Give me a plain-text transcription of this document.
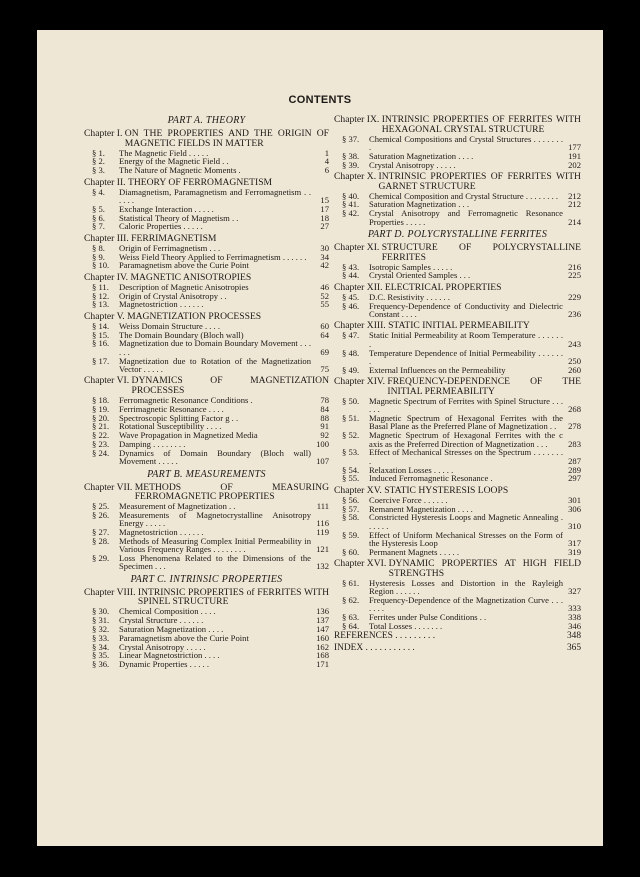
CONTENTS
PART A. THEORY
Chapter I. ON THE PROPERTIES AND THE ORIGIN OF MAGNETIC FIELDS IN MATTER
§ 1.	The Magnetic Field . . . . .	1
§ 2.	Energy of the Magnetic Field . .	4
§ 3.	The Nature of Magnetic Moments .	6
Chapter II. THEORY OF FERROMAGNETISM
§ 4.	Diamagnetism, Paramagnetism and Ferromagnetism . . . . . .	15
§ 5.	Exchange Interaction . . . . .	17
§ 6.	Statistical Theory of Magnetism . .	18
§ 7.	Caloric Properties . . . . .	27
Chapter III. FERRIMAGNETISM
§ 8.	Origin of Ferrimagnetism . . .	30
§ 9.	Weiss Field Theory Applied to Ferrimagnetism . . . . . .	34
§ 10.	Paramagnetism above the Curie Point	42
Chapter IV. MAGNETIC ANISOTROPIES
§ 11.	Description of Magnetic Anisotropies	46
§ 12.	Origin of Crystal Anisotropy . .	52
§ 13.	Magnetostriction . . . . . .	55
Chapter V. MAGNETIZATION PROCESSES
§ 14.	Weiss Domain Structure . . . .	60
§ 15.	The Domain Boundary (Bloch wall)	64
§ 16.	Magnetization due to Domain Boundary Movement . . . . . .	69
§ 17.	Magnetization due to Rotation of the Magnetization Vector . . . . .	75
Chapter VI. DYNAMICS OF MAGNETIZATION PROCESSES
§ 18.	Ferromagnetic Resonance Conditions .	78
§ 19.	Ferrimagnetic Resonance . . . .	84
§ 20.	Spectroscopic Splitting Factor g . .	88
§ 21.	Rotational Susceptibility . . . .	91
§ 22.	Wave Propagation in Magnetized Media	92
§ 23.	Damping . . . . . . . .	100
§ 24.	Dynamics of Domain Boundary (Bloch wall) Movement . . . . .	107
PART B. MEASUREMENTS
Chapter VII. METHODS OF MEASURING FERROMAGNETIC PROPERTIES
§ 25.	Measurement of Magnetization . .	111
§ 26.	Measurements of Magnetocrystalline Anisotropy Energy . . . . .	116
§ 27.	Magnetostriction . . . . . .	119
§ 28.	Methods of Measuring Complex Initial Permeability in Various Frequency Ranges . . . . . . . .	121
§ 29.	Loss Phenomena Related to the Dimensions of the Specimen . . .	132
PART C. INTRINSIC PROPERTIES
Chapter VIII. INTRINSIC PROPERTIES of FERRITES WITH SPINEL STRUCTURE
§ 30.	Chemical Composition . . . .	136
§ 31.	Crystal Structure . . . . . .	137
§ 32.	Saturation Magnetization . . . .	147
§ 33.	Paramagnetism above the Curie Point	160
§ 34.	Crystal Anisotropy . . . . .	162
§ 35.	Linear Magnetostriction . . . .	168
§ 36.	Dynamic Properties . . . . .	171
Chapter IX. INTRINSIC PROPERTIES OF FERRITES WITH HEXAGONAL CRYSTAL STRUCTURE
§ 37.	Chemical Compositions and Crystal Structures . . . . . . . .	177
§ 38.	Saturation Magnetization . . . .	191
§ 39.	Crystal Anisotropy . . . . .	202
Chapter X. INTRINSIC PROPERTIES OF FERRITES WITH GARNET STRUCTURE
§ 40.	Chemical Composition and Crystal Structure . . . . . . . .	212
§ 41.	Saturation Magnetization . . .	212
§ 42.	Crystal Anisotropy and Ferromagnetic Resonance Properties . . . . .	214
PART D. POLYCRYSTALLINE FERRITES
Chapter XI. STRUCTURE OF POLYCRYSTALLINE FERRITES
§ 43.	Isotropic Samples . . . . .	216
§ 44.	Crystal Oriented Samples . . .	225
Chapter XII. ELECTRICAL PROPERTIES
§ 45.	D.C. Resistivity . . . . . .	229
§ 46.	Frequency-Dependence of Conductivity and Dielectric Constant . . . .	236
Chapter XIII. STATIC INITIAL PERMEABILITY
§ 47.	Static Initial Permeability at Room Temperature . . . . . . .	243
§ 48.	Temperature Dependence of Initial Permeability . . . . . . .	250
§ 49.	External Influences on the Permeability	260
Chapter XIV. FREQUENCY-DEPENDENCE OF THE INITIAL PERMEABILITY
§ 50.	Magnetic Spectrum of Ferrites with Spinel Structure . . . . . .	268
§ 51.	Magnetic Spectrum of Hexagonal Ferrites with the Basal Plane as the Preferred Plane of Magnetization . .	278
§ 52.	Magnetic Spectrum of Hexagonal Ferrites with the c axis as the Preferred Direction of Magnetization . . .	283
§ 53.	Effect of Mechanical Stresses on the Spectrum . . . . . . . .	287
§ 54.	Relaxation Losses . . . . .	289
§ 55.	Induced Ferromagnetic Resonance .	297
Chapter XV. STATIC HYSTERESIS LOOPS
§ 56.	Coercive Force . . . . . .	301
§ 57.	Remanent Magnetization . . . .	306
§ 58.	Constricted Hysteresis Loops and Magnetic Annealing . . . . . .	310
§ 59.	Effect of Uniform Mechanical Stresses on the Form of the Hysteresis Loop	317
§ 60.	Permanent Magnets . . . . .	319
Chapter XVI. DYNAMIC PROPERTIES AT HIGH FIELD STRENGTHS
§ 61.	Hysteresis Losses and Distortion in the Rayleigh Region . . . . . .	327
§ 62.	Frequency-Dependence of the Magnetization Curve . . . . . . .	333
§ 63.	Ferrites under Pulse Conditions . .	338
§ 64.	Total Losses . . . . . . .	346
REFERENCES . . . . . . . . .	348
INDEX . . . . . . . . . . .	365
